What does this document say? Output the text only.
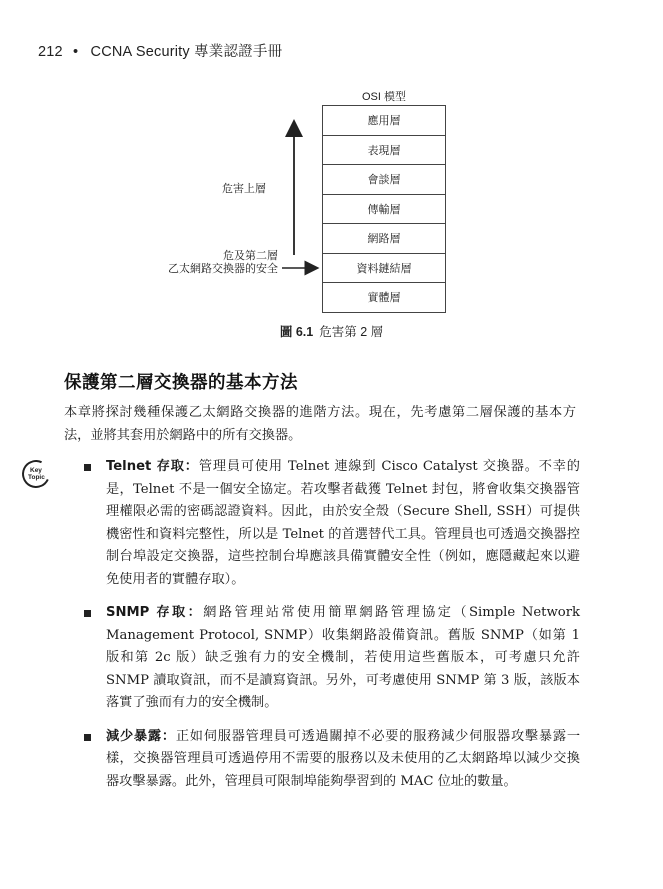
212 • CCNA Security 專業認證手冊
OSI 模型
應用層
表現層
會談層
傳輸層
網路層
資料鏈結層
實體層
危害上層
危及第二層
乙太網路交換器的安全
圖 6.1 危害第 2 層
保護第二層交換器的基本方法
本章將探討幾種保護乙太網路交換器的進階方法。現在，先考慮第二層保護的基本方法，並將其套用於網路中的所有交換器。
Key
Topic
Telnet 存取：管理員可使用 Telnet 連線到 Cisco Catalyst 交換器。不幸的是，Telnet 不是一個安全協定。若攻擊者截獲 Telnet 封包，將會收集交換器管理權限必需的密碼認證資料。因此，由於安全殼（Secure Shell, SSH）可提供機密性和資料完整性，所以是 Telnet 的首選替代工具。管理員也可透過交換器控制台埠設定交換器，這些控制台埠應該具備實體安全性（例如，應隱藏起來以避免使用者的實體存取）。
SNMP 存取：網路管理站常使用簡單網路管理協定（Simple Network Management Protocol, SNMP）收集網路設備資訊。舊版 SNMP（如第 1 版和第 2c 版）缺乏強有力的安全機制，若使用這些舊版本，可考慮只允許 SNMP 讀取資訊，而不是讀寫資訊。另外，可考慮使用 SNMP 第 3 版，該版本落實了強而有力的安全機制。
減少暴露：正如伺服器管理員可透過關掉不必要的服務減少伺服器攻擊暴露一樣，交換器管理員可透過停用不需要的服務以及未使用的乙太網路埠以減少交換器攻擊暴露。此外，管理員可限制埠能夠學習到的 MAC 位址的數量。
